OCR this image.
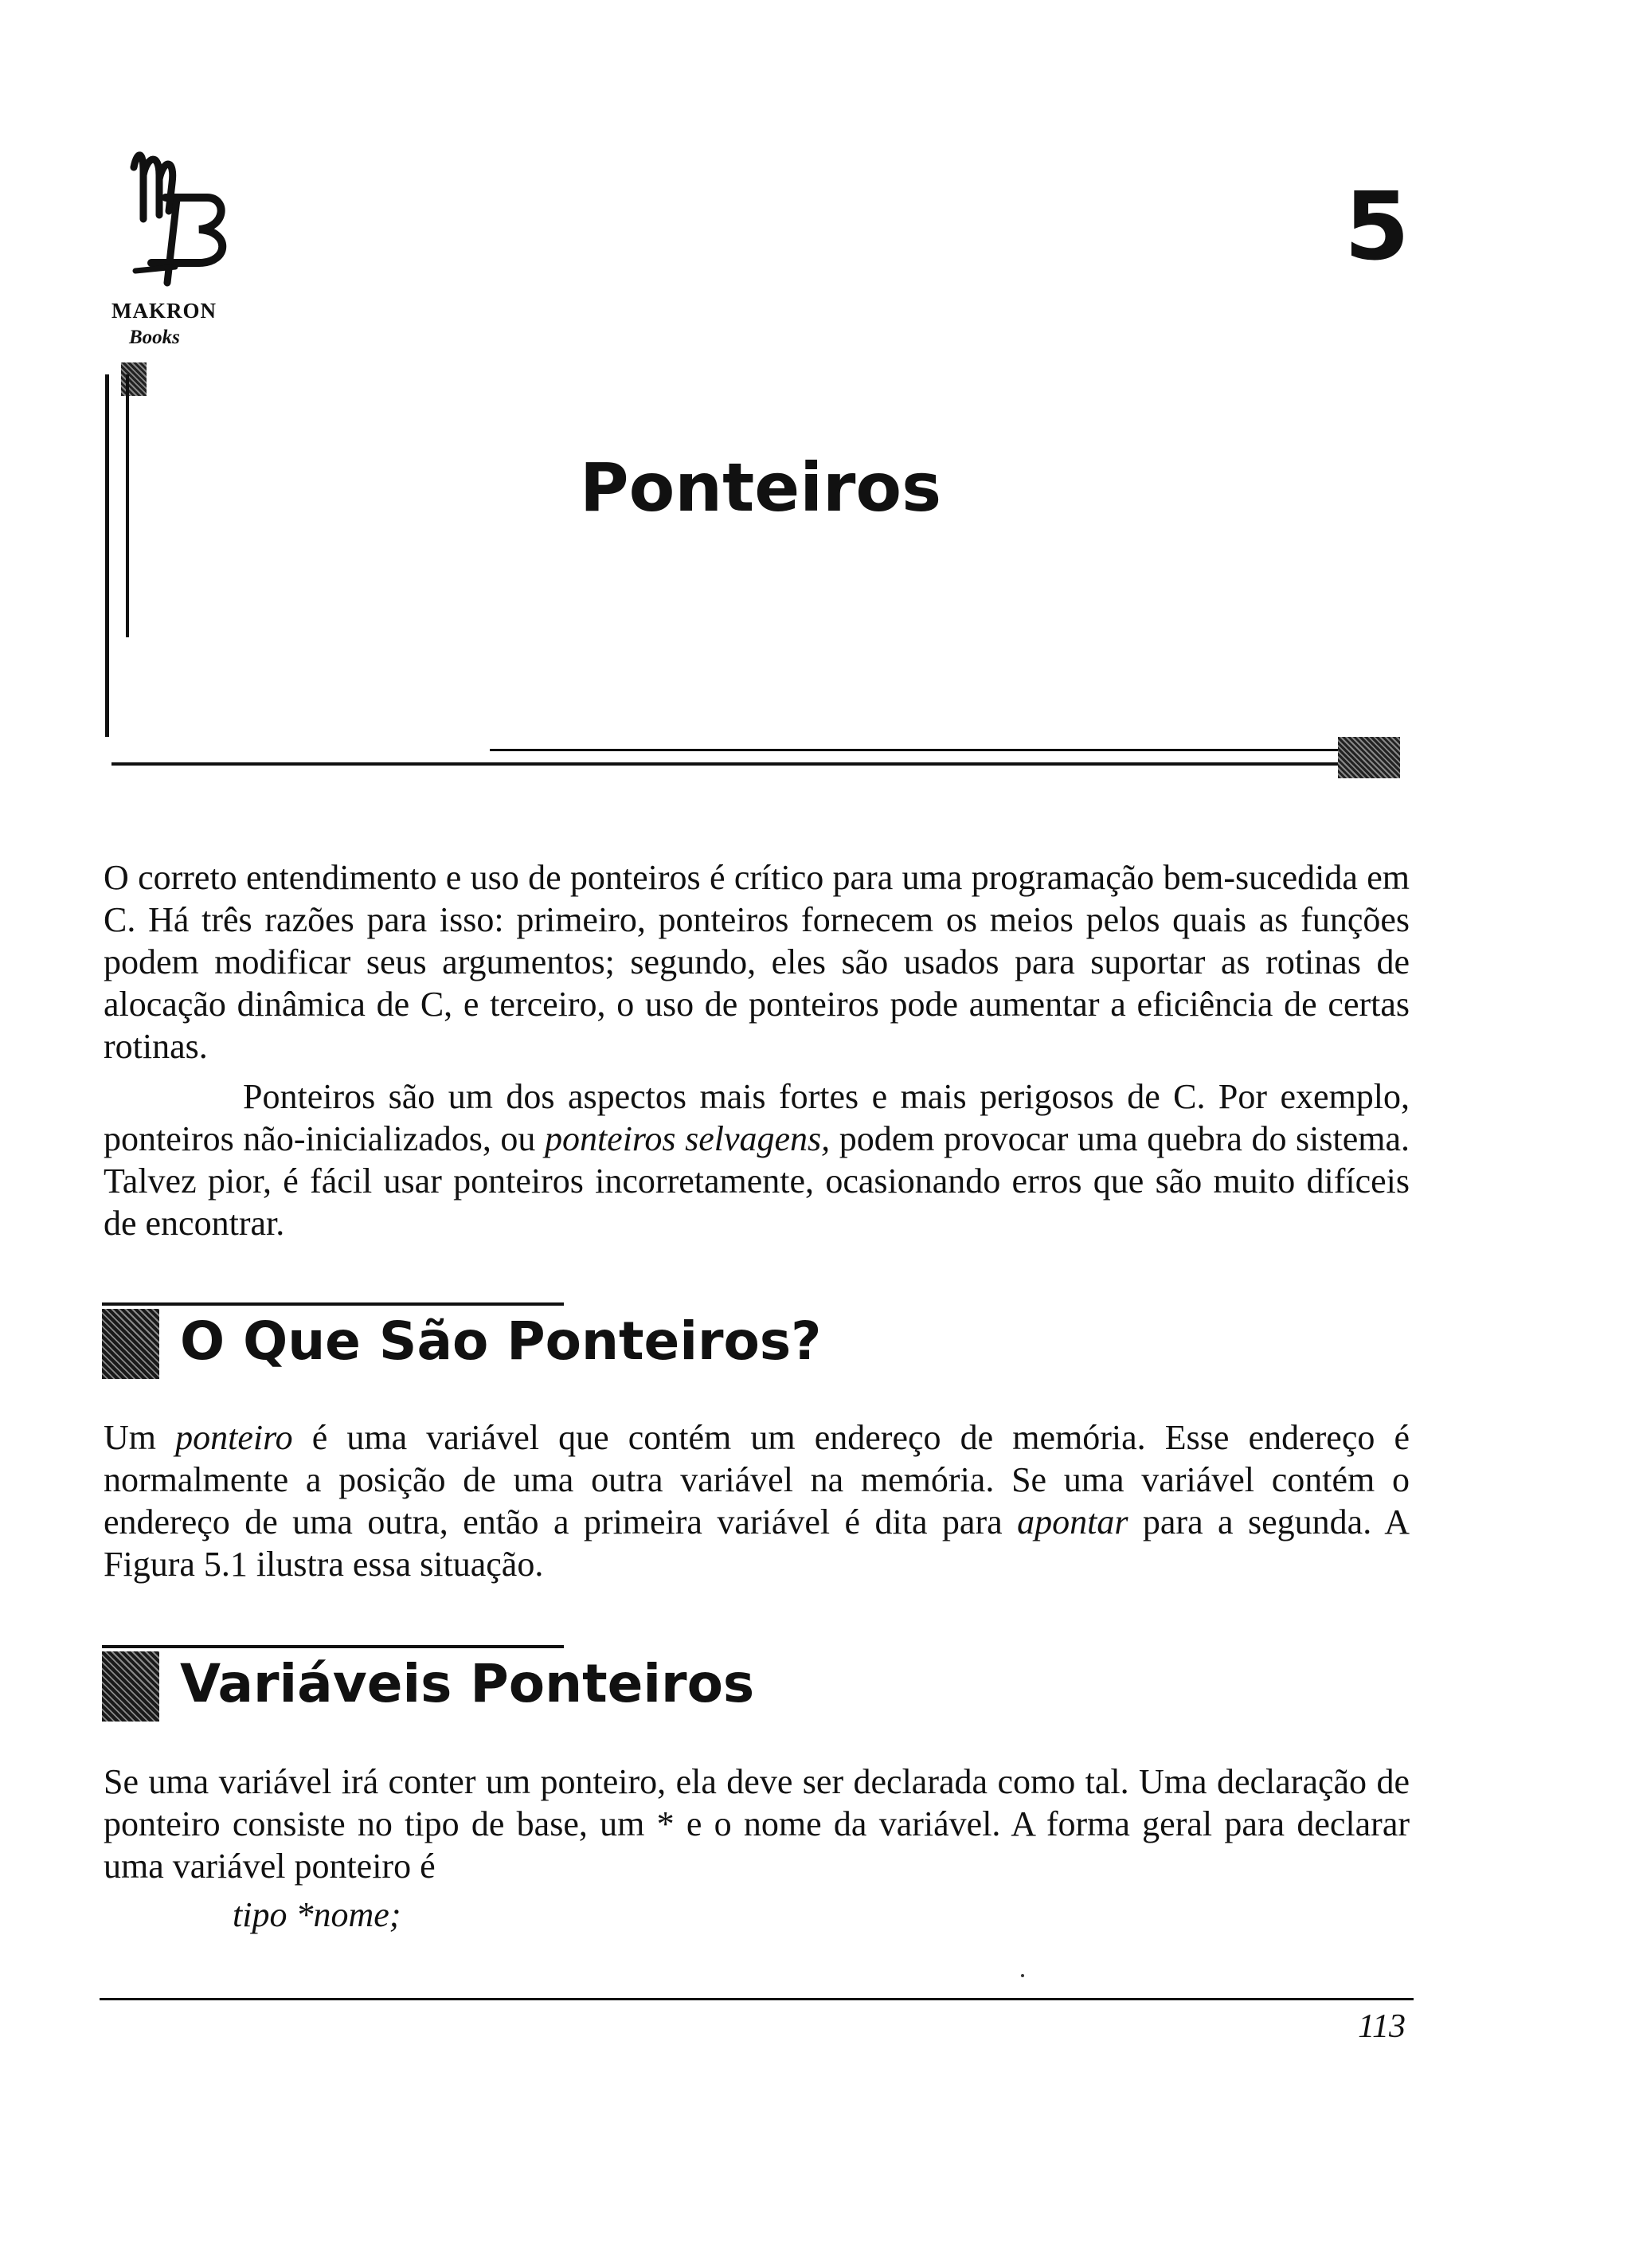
MAKRON
Books
5
Ponteiros

O correto entendimento e uso de ponteiros é crítico para uma programação bem-sucedida em C. Há três razões para isso: primeiro, ponteiros fornecem os meios pelos quais as funções podem modificar seus argumentos; segundo, eles são usados para suportar as rotinas de alocação dinâmica de C, e terceiro, o uso de ponteiros pode aumentar a eficiência de certas rotinas.

Ponteiros são um dos aspectos mais fortes e mais perigosos de C. Por exemplo, ponteiros não-inicializados, ou ponteiros selvagens, podem provocar uma quebra do sistema. Talvez pior, é fácil usar ponteiros incorretamente, ocasionando erros que são muito difíceis de encontrar.

O Que São Ponteiros?

Um ponteiro é uma variável que contém um endereço de memória. Esse endereço é normalmente a posição de uma outra variável na memória. Se uma variável contém o endereço de uma outra, então a primeira variável é dita para apontar para a segunda. A Figura 5.1 ilustra essa situação.

Variáveis Ponteiros

Se uma variável irá conter um ponteiro, ela deve ser declarada como tal. Uma declaração de ponteiro consiste no tipo de base, um * e o nome da variável. A forma geral para declarar uma variável ponteiro é

tipo *nome;
113
